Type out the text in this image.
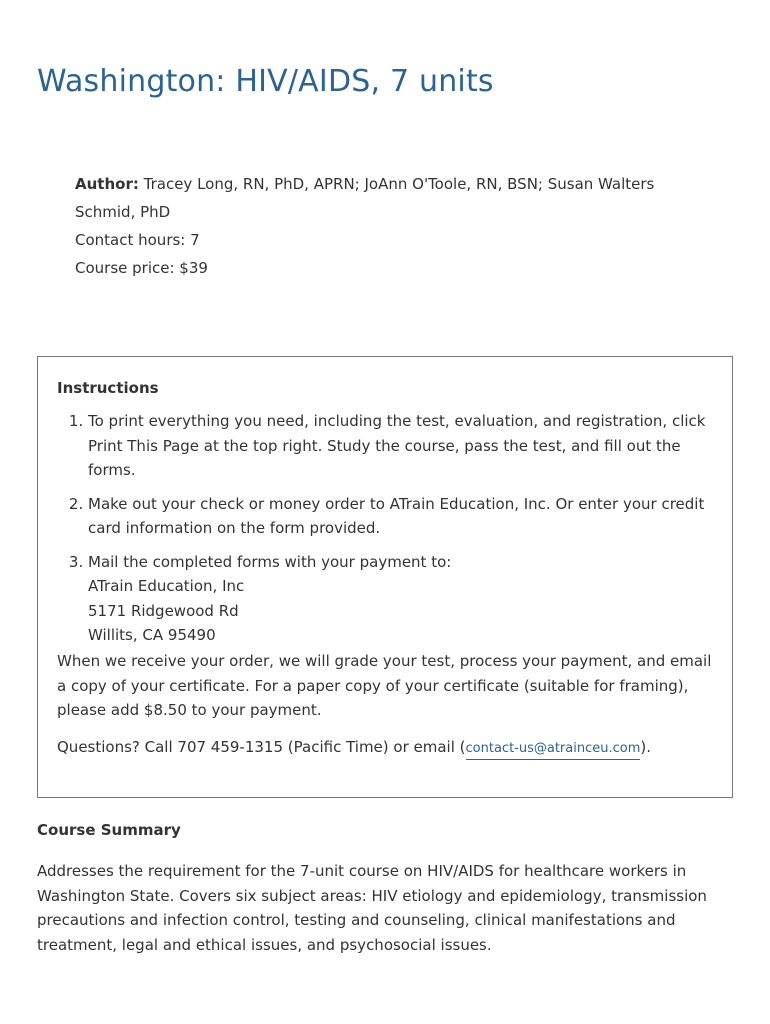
Washington: HIV/AIDS, 7 units

Author: Tracey Long, RN, PhD, APRN; JoAnn O'Toole, RN, BSN; Susan Walters Schmid, PhD

Contact hours: 7

Course price: $39

Instructions
1. To print everything you need, including the test, evaluation, and registration, click Print This Page at the top right. Study the course, pass the test, and fill out the forms.
2. Make out your check or money order to ATrain Education, Inc. Or enter your credit card information on the form provided.
3. Mail the completed forms with your payment to:
ATrain Education, Inc
5171 Ridgewood Rd
Willits, CA 95490

When we receive your order, we will grade your test, process your payment, and email a copy of your certificate. For a paper copy of your certificate (suitable for framing), please add $8.50 to your payment.

Questions? Call 707 459-1315 (Pacific Time) or email (contact-us@atrainceu.com).

Course Summary

Addresses the requirement for the 7-unit course on HIV/AIDS for healthcare workers in Washington State. Covers six subject areas: HIV etiology and epidemiology, transmission precautions and infection control, testing and counseling, clinical manifestations and treatment, legal and ethical issues, and psychosocial issues.
